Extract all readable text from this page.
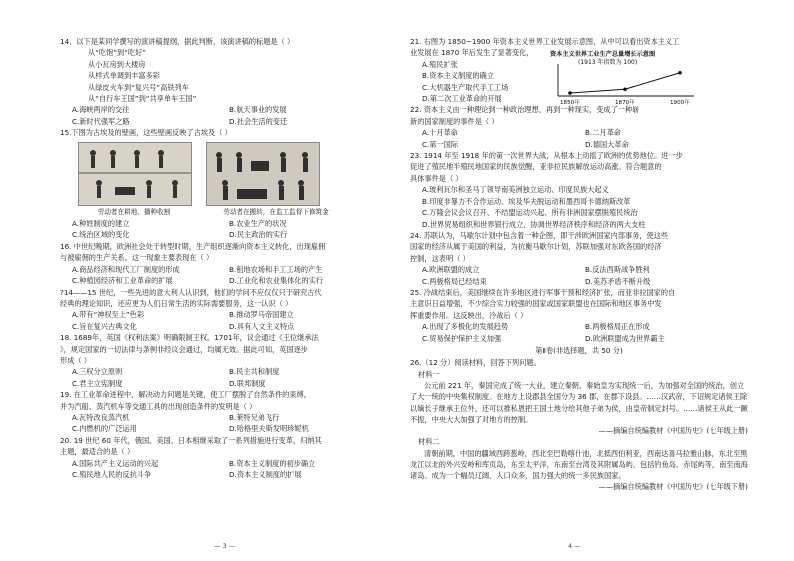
14．以下是某同学撰写的演讲稿提纲，据此判断，该演讲稿的标题是（ ）

从“吃饱”到“吃好”

从小瓦房到大楼房

从样式单调到丰富多彩

从绿皮火车到“复兴号”高铁列车

从“自行车王国”到“共享单车王国”

A.海峡两岸的交往	B.航天事业的发展
C.新时代强军之路	D.社会生活的变迁

15.下图为古埃及的壁画，这些壁画反映了古埃及（ ）

劳动者在耕地、播种收割	劳动者在搬转，在监工监督下修筑金
A.种姓制度的建立	B.农业生产的状况
C.统治区域的变化	D.民主政治的实行

16. 中世纪晚期，欧洲社会处于转型时期，生产组织逐渐向资本主义转化，出现雇佣

与被雇佣的生产关系。这一现象主要表现在（ ）

A.商品经济和现代工厂制度的形成	B.租地农场和手工工场的产生
C.种植园经济和工业革命的扩展	D.工业化和农业集体化的实行

?14——15 世纪，一些先进的意大利人认识到，他们的学问不应仅仅只于研究古代

经典的理论知识，还应更为人们日常生活的实际需要服务，这一认识（ ）

A.带有“神权至上”色彩	B.推动罗马帝国建立
C.旨在复兴古典文化	D.具有人文主义特点

18. 1689年，英国《权利法案》明确限制王权。1701年，议会通过《王位继承法

》，规定国家的一切法律与条例非经议会通过，均属无效。据此可知，英国逐步

形成（ ）

A.三权分立原则	B.民主共和制度
C.君主立宪制度	D.联邦制度

19. 在工业革命进程中，解决动力问题是关键，使工厂摆脱了自然条件的束缚，

并为汽船、蒸汽机车等交通工具的出现创造条件的发明是（ ）

A.瓦特改良蒸汽机	B.莱特兄弟飞行
C.内燃机的广泛运用	D.哈格里夫斯发明珍妮机

20. 19 世纪 60 年代，俄国、美国、日本相继采取了一系列措施进行变革，归纳其

主题，最适合的是（ ）

A.国际共产主义运动的兴起	B.资本主义制度的初步确立
C.殖民地人民的反抗斗争	D.资本主义制度的扩展

21. 右图为 1850~1900 年资本主义世界工业发展示意图，从中可以看出资本主义工

业发展在 1870 年后发生了显著变化，

A.殖民扩张

B.资本主义制度的确立

C.大机器生产取代手工工场

D.第二次工业革命的开展

22. 资本主义由一种理论到一种政治理想，再到一种现实，变成了一种崭

新的国家制度的事件是（ ）

A.十月革命	B.二月革命
C.第一国际	D.德国大革命

23. 1914 年至 1918 年的第一次世界大战，从根本上动摇了欧洲的优势地位。进一步

促进了殖民地半殖民地国家的民族觉醒，亚非拉民族解放运动高涨。符合题意的

具体事件是（ ）

A.玻利瓦尔和圣马丁领导南美洲独立运动、印度民族大起义

B.印度非暴力不合作运动、埃及华夫脱运动和墨西哥卡德纳斯改革

C.万隆会议会议召开、不结盟运动兴起、所有非洲国家摆脱殖民统治

D.世界贸易组织和世界银行成立、协调世界经济秩序和经济的两大支柱

24. 苏联认为，马歇尔计划中包含着一种企图，即干涉欧洲国家内部事务，使这些

国家的经济从属于美国的利益，为抗衡马歇尔计划，苏联加强对东欧各国的经济

控制，这表明（ ）

A.欧洲联盟的成立	B.反法西斯战争胜利
C.两极格局已经结束	D.美苏矛盾不断升级

25. 冷战结束后，美国继续在许多地区进行军事干预和经济扩张，而亚非拉国家的自

主意识日益增强，不少综合实力较强的国家或国家联盟也在国际和地区事务中发

挥重要作用。这反映出，冷战后（ ）

A.出现了多极化的发展趋势	B.两极格局正在形成
C.贸易保护保护主义加强	D.欧洲联盟成为世界霸主

第Ⅱ卷(非选择题，共 50 分)

26.（12 分）阅读材料，回答下列问题。

材料一

公元前 221 年，秦国完成了统一大业，建立秦朝。秦始皇为实现统一后，为加强对全国的统治，创立了大一统的中央集权制度。在地方上设郡县全国分为 36 郡，在郡下设县。……汉武帝，下诏规定诸侯王除以嫡长子继承王位外，还可以推私恩把王国土地分给其他子弟为侯，由皇帝制定封号。……诸侯王从此一蹶不振，中央大大加强了对地方的控制。

——摘编自统编教材《中国历史》(七年级上册)

材料二

清朝前期，中国的疆域西跨葱岭，西北至巴勒喀什池，北抵西伯利亚，西南达喜马拉雅山脉，东北至黑龙江以北的外兴安岭和库页岛，东至太平洋，东南至台湾及其附属岛屿，包括钓鱼岛、赤尾屿等，南至南海诸岛。成为一个幅员辽阔、人口众多，国力强大的统一多民族国家。

——摘编自统编教材《中国历史》(七年级下册)

资本主义世界工业生产总量增长示意图
(1913 年指数为 100)
1850年	1870年	1900年
— 3 —	4 —
